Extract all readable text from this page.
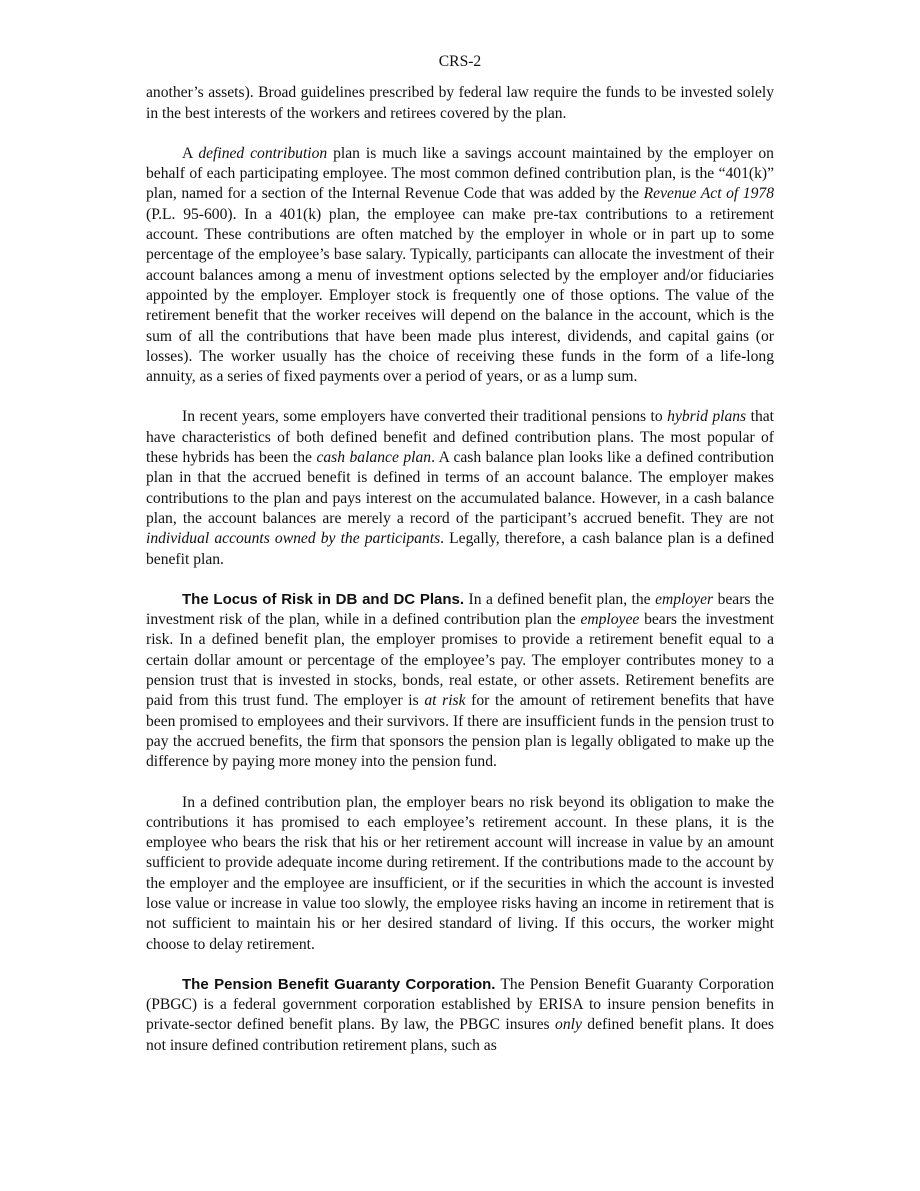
CRS-2

another’s assets). Broad guidelines prescribed by federal law require the funds to be invested solely in the best interests of the workers and retirees covered by the plan.

A defined contribution plan is much like a savings account maintained by the employer on behalf of each participating employee. The most common defined contribution plan, is the “401(k)” plan, named for a section of the Internal Revenue Code that was added by the Revenue Act of 1978 (P.L. 95-600). In a 401(k) plan, the employee can make pre-tax contributions to a retirement account. These contributions are often matched by the employer in whole or in part up to some percentage of the employee’s base salary. Typically, participants can allocate the investment of their account balances among a menu of investment options selected by the employer and/or fiduciaries appointed by the employer. Employer stock is frequently one of those options. The value of the retirement benefit that the worker receives will depend on the balance in the account, which is the sum of all the contributions that have been made plus interest, dividends, and capital gains (or losses). The worker usually has the choice of receiving these funds in the form of a life-long annuity, as a series of fixed payments over a period of years, or as a lump sum.

In recent years, some employers have converted their traditional pensions to hybrid plans that have characteristics of both defined benefit and defined contribution plans. The most popular of these hybrids has been the cash balance plan. A cash balance plan looks like a defined contribution plan in that the accrued benefit is defined in terms of an account balance. The employer makes contributions to the plan and pays interest on the accumulated balance. However, in a cash balance plan, the account balances are merely a record of the participant’s accrued benefit. They are not individual accounts owned by the participants. Legally, therefore, a cash balance plan is a defined benefit plan.

The Locus of Risk in DB and DC Plans. In a defined benefit plan, the employer bears the investment risk of the plan, while in a defined contribution plan the employee bears the investment risk. In a defined benefit plan, the employer promises to provide a retirement benefit equal to a certain dollar amount or percentage of the employee’s pay. The employer contributes money to a pension trust that is invested in stocks, bonds, real estate, or other assets. Retirement benefits are paid from this trust fund. The employer is at risk for the amount of retirement benefits that have been promised to employees and their survivors. If there are insufficient funds in the pension trust to pay the accrued benefits, the firm that sponsors the pension plan is legally obligated to make up the difference by paying more money into the pension fund.

In a defined contribution plan, the employer bears no risk beyond its obligation to make the contributions it has promised to each employee’s retirement account. In these plans, it is the employee who bears the risk that his or her retirement account will increase in value by an amount sufficient to provide adequate income during retirement. If the contributions made to the account by the employer and the employee are insufficient, or if the securities in which the account is invested lose value or increase in value too slowly, the employee risks having an income in retirement that is not sufficient to maintain his or her desired standard of living. If this occurs, the worker might choose to delay retirement.

The Pension Benefit Guaranty Corporation. The Pension Benefit Guaranty Corporation (PBGC) is a federal government corporation established by ERISA to insure pension benefits in private-sector defined benefit plans. By law, the PBGC insures only defined benefit plans. It does not insure defined contribution retirement plans, such as
